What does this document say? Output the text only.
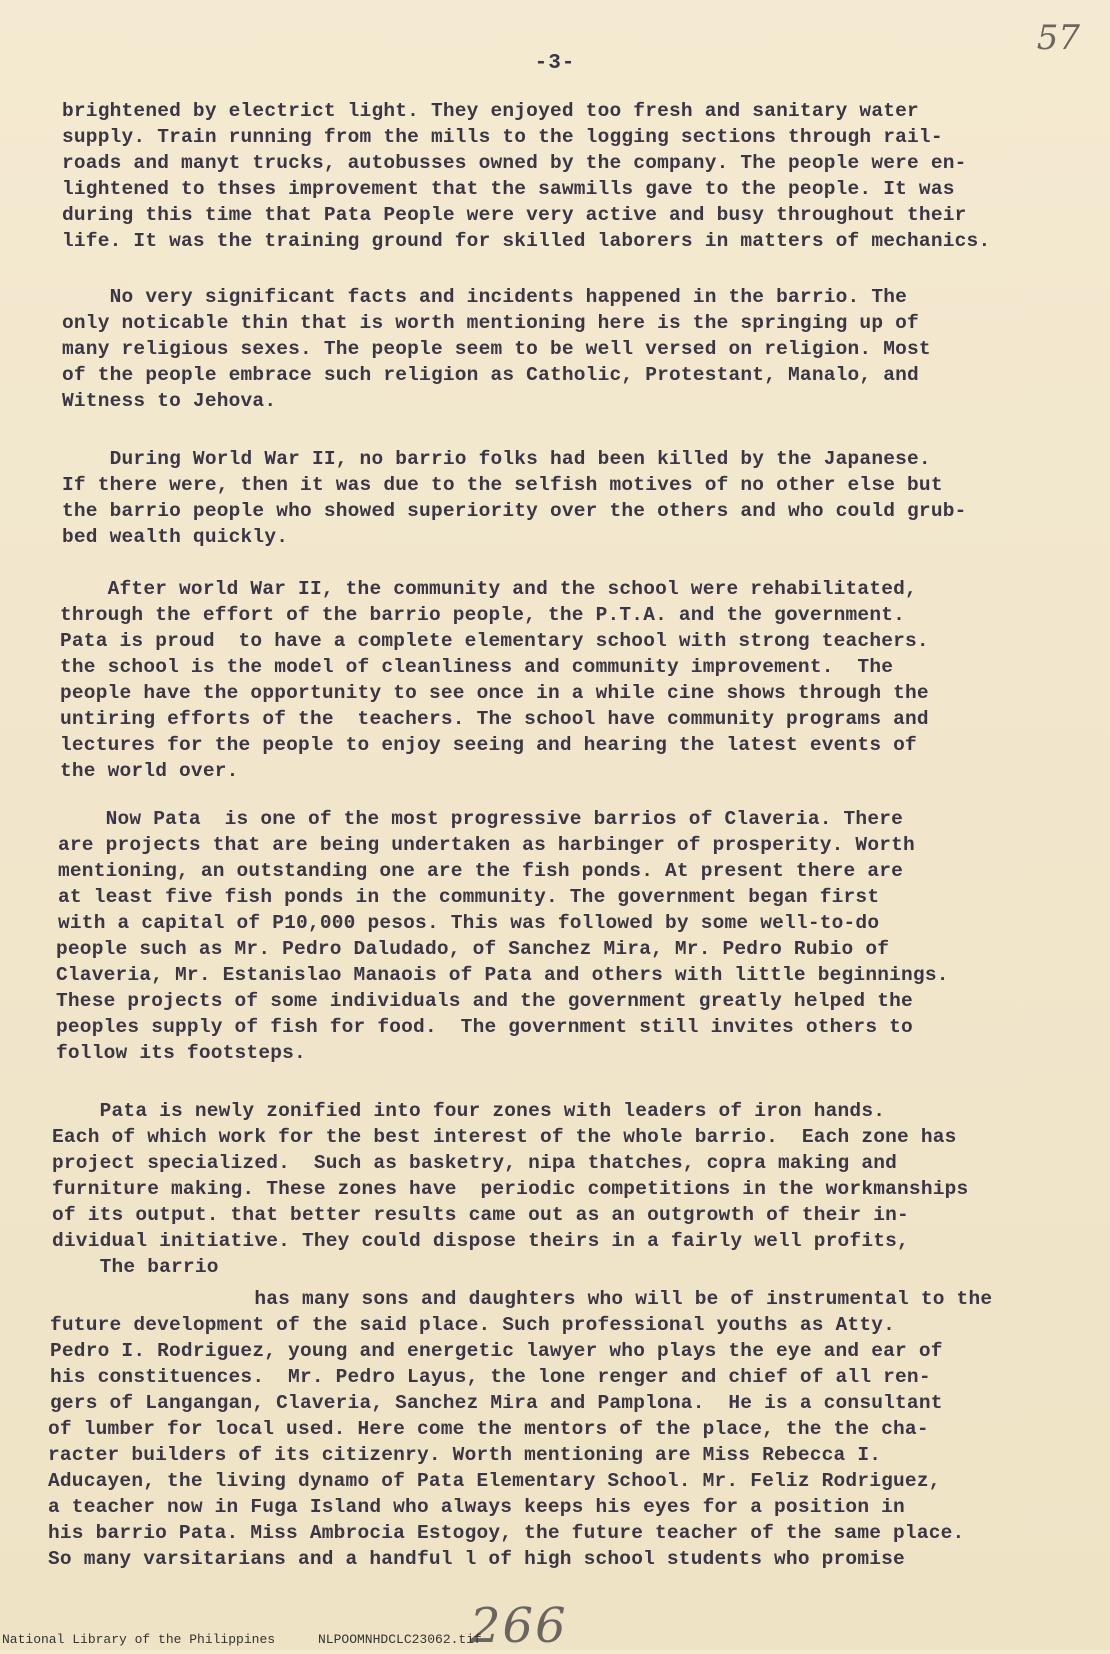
-3-
57
brightened by electrict light. They enjoyed too fresh and sanitary water
supply. Train running from the mills to the logging sections through rail-
roads and manyt trucks, autobusses owned by the company. The people were en-
lightened to thses improvement that the sawmills gave to the people. It was
during this time that Pata People were very active and busy throughout their
life. It was the training ground for skilled laborers in matters of mechanics.
No very significant facts and incidents happened in the barrio. The
only noticable thin that is worth mentioning here is the springing up of
many religious sexes. The people seem to be well versed on religion. Most
of the people embrace such religion as Catholic, Protestant, Manalo, and
Witness to Jehova.
During World War II, no barrio folks had been killed by the Japanese.
If there were, then it was due to the selfish motives of no other else but
the barrio people who showed superiority over the others and who could grub-
bed wealth quickly.
After world War II, the community and the school were rehabilitated,
through the effort of the barrio people, the P.T.A. and the government.
Pata is proud  to have a complete elementary school with strong teachers.
the school is the model of cleanliness and community improvement.  The
people have the opportunity to see once in a while cine shows through the
untiring efforts of the  teachers. The school have community programs and
lectures for the people to enjoy seeing and hearing the latest events of
the world over.
Now Pata  is one of the most progressive barrios of Claveria. There
are projects that are being undertaken as harbinger of prosperity. Worth
mentioning, an outstanding one are the fish ponds. At present there are
at least five fish ponds in the community. The government began first
with a capital of P10,000 pesos. This was followed by some well-to-do
people such as Mr. Pedro Daludado, of Sanchez Mira, Mr. Pedro Rubio of
Claveria, Mr. Estanislao Manaois of Pata and others with little beginnings.
These projects of some individuals and the government greatly helped the
peoples supply of fish for food.  The government still invites others to
follow its footsteps.
Pata is newly zonified into four zones with leaders of iron hands.
Each of which work for the best interest of the whole barrio.  Each zone has
project specialized.  Such as basketry, nipa thatches, copra making and
furniture making. These zones have  periodic competitions in the workmanships
of its output. that better results came out as an outgrowth of their in-
dividual initiative. They could dispose theirs in a fairly well profits,
The barrio
has many sons and daughters who will be of instrumental to the
future development of the said place. Such professional youths as Atty.
Pedro I. Rodriguez, young and energetic lawyer who plays the eye and ear of
his constituences.  Mr. Pedro Layus, the lone renger and chief of all ren-
gers of Langangan, Claveria, Sanchez Mira and Pamplona.  He is a consultant
of lumber for local used. Here come the mentors of the place, the the cha-
racter builders of its citizenry. Worth mentioning are Miss Rebecca I.
Aducayen, the living dynamo of Pata Elementary School. Mr. Feliz Rodriguez,
a teacher now in Fuga Island who always keeps his eyes for a position in
his barrio Pata. Miss Ambrocia Estogoy, the future teacher of the same place.
So many varsitarians and a handful l of high school students who promise
266
National Library of the Philippines	NLPOOMNHDCLC23062.tif
